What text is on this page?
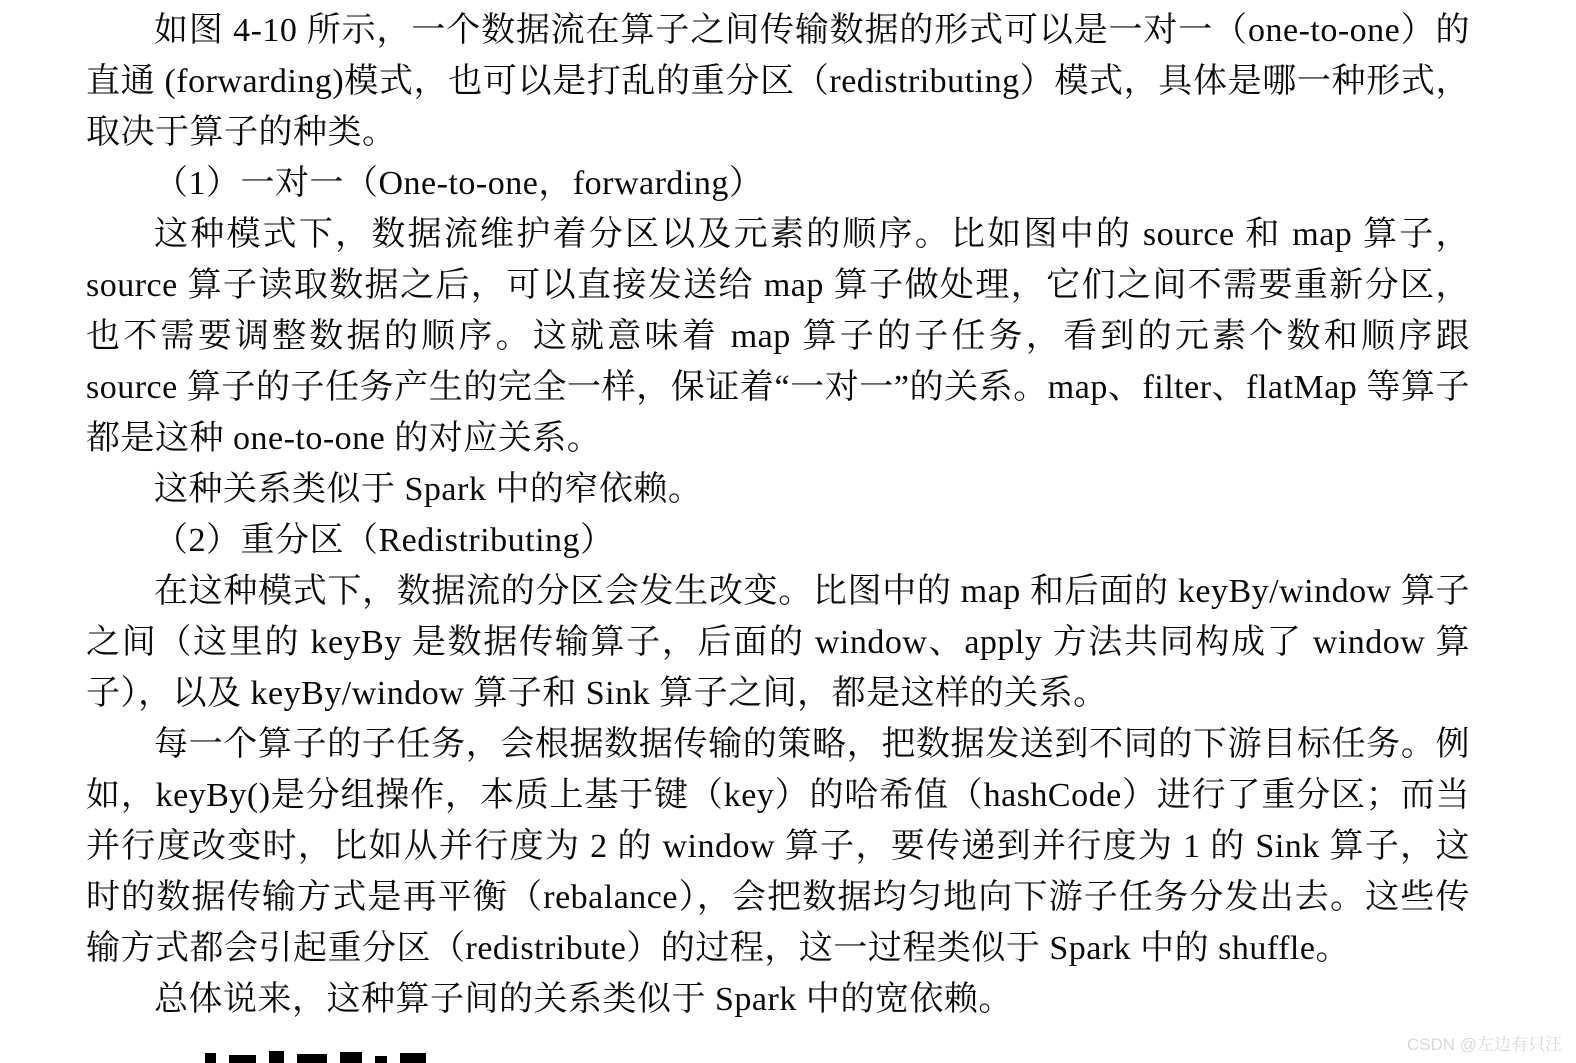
如图 4-10 所示，一个数据流在算子之间传输数据的形式可以是一对一（one-to-one）的直通 (forwarding)模式，也可以是打乱的重分区（redistributing）模式，具体是哪一种形式，取决于算子的种类。

（1）一对一（One-to-one，forwarding）

这种模式下，数据流维护着分区以及元素的顺序。比如图中的 source 和 map 算子，source 算子读取数据之后，可以直接发送给 map 算子做处理，它们之间不需要重新分区，也不需要调整数据的顺序。这就意味着 map 算子的子任务，看到的元素个数和顺序跟 source 算子的子任务产生的完全一样，保证着“一对一”的关系。map、filter、flatMap 等算子都是这种 one-to-one 的对应关系。

这种关系类似于 Spark 中的窄依赖。

（2）重分区（Redistributing）

在这种模式下，数据流的分区会发生改变。比图中的 map 和后面的 keyBy/window 算子之间（这里的 keyBy 是数据传输算子，后面的 window、apply 方法共同构成了 window 算子），以及 keyBy/window 算子和 Sink 算子之间，都是这样的关系。

每一个算子的子任务，会根据数据传输的策略，把数据发送到不同的下游目标任务。例如，keyBy()是分组操作，本质上基于键（key）的哈希值（hashCode）进行了重分区；而当并行度改变时，比如从并行度为 2 的 window 算子，要传递到并行度为 1 的 Sink 算子，这时的数据传输方式是再平衡（rebalance），会把数据均匀地向下游子任务分发出去。这些传输方式都会引起重分区（redistribute）的过程，这一过程类似于 Spark 中的 shuffle。

总体说来，这种算子间的关系类似于 Spark 中的宽依赖。

CSDN @左边有只汪
